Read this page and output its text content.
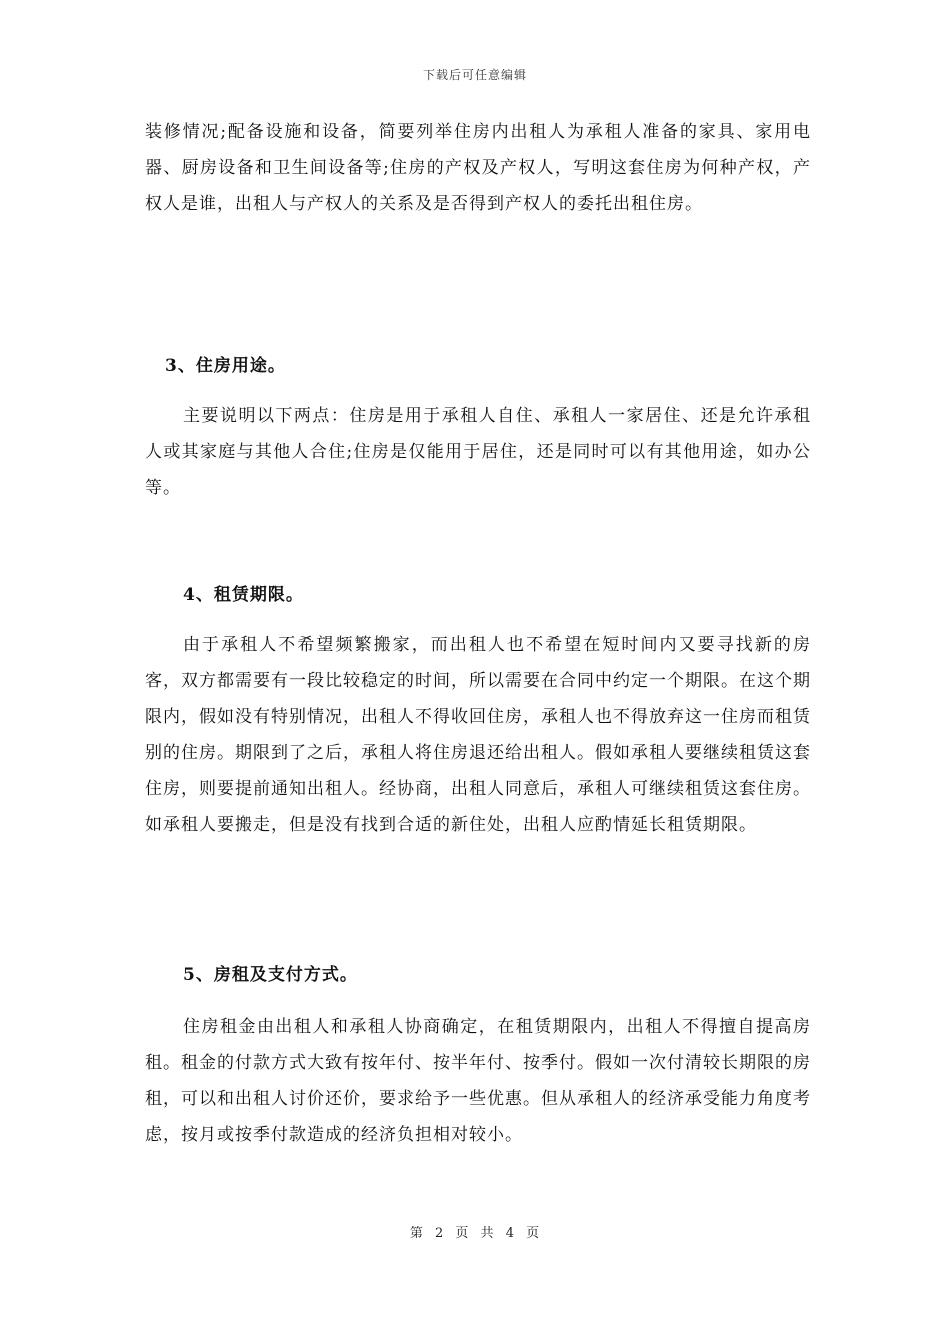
下载后可任意编辑

装修情况;配备设施和设备，简要列举住房内出租人为承租人准备的家具、家用电器、厨房设备和卫生间设备等;住房的产权及产权人，写明这套住房为何种产权，产权人是谁，出租人与产权人的关系及是否得到产权人的委托出租住房。

3、住房用途。

主要说明以下两点：住房是用于承租人自住、承租人一家居住、还是允许承租人或其家庭与其他人合住;住房是仅能用于居住，还是同时可以有其他用途，如办公等。

4、租赁期限。

由于承租人不希望频繁搬家，而出租人也不希望在短时间内又要寻找新的房客，双方都需要有一段比较稳定的时间，所以需要在合同中约定一个期限。在这个期限内，假如没有特别情况，出租人不得收回住房，承租人也不得放弃这一住房而租赁别的住房。期限到了之后，承租人将住房退还给出租人。假如承租人要继续租赁这套住房，则要提前通知出租人。经协商，出租人同意后，承租人可继续租赁这套住房。如承租人要搬走，但是没有找到合适的新住处，出租人应酌情延长租赁期限。

5、房租及支付方式。

住房租金由出租人和承租人协商确定，在租赁期限内，出租人不得擅自提高房租。租金的付款方式大致有按年付、按半年付、按季付。假如一次付清较长期限的房租，可以和出租人讨价还价，要求给予一些优惠。但从承租人的经济承受能力角度考虑，按月或按季付款造成的经济负担相对较小。

第 2 页 共 4 页
